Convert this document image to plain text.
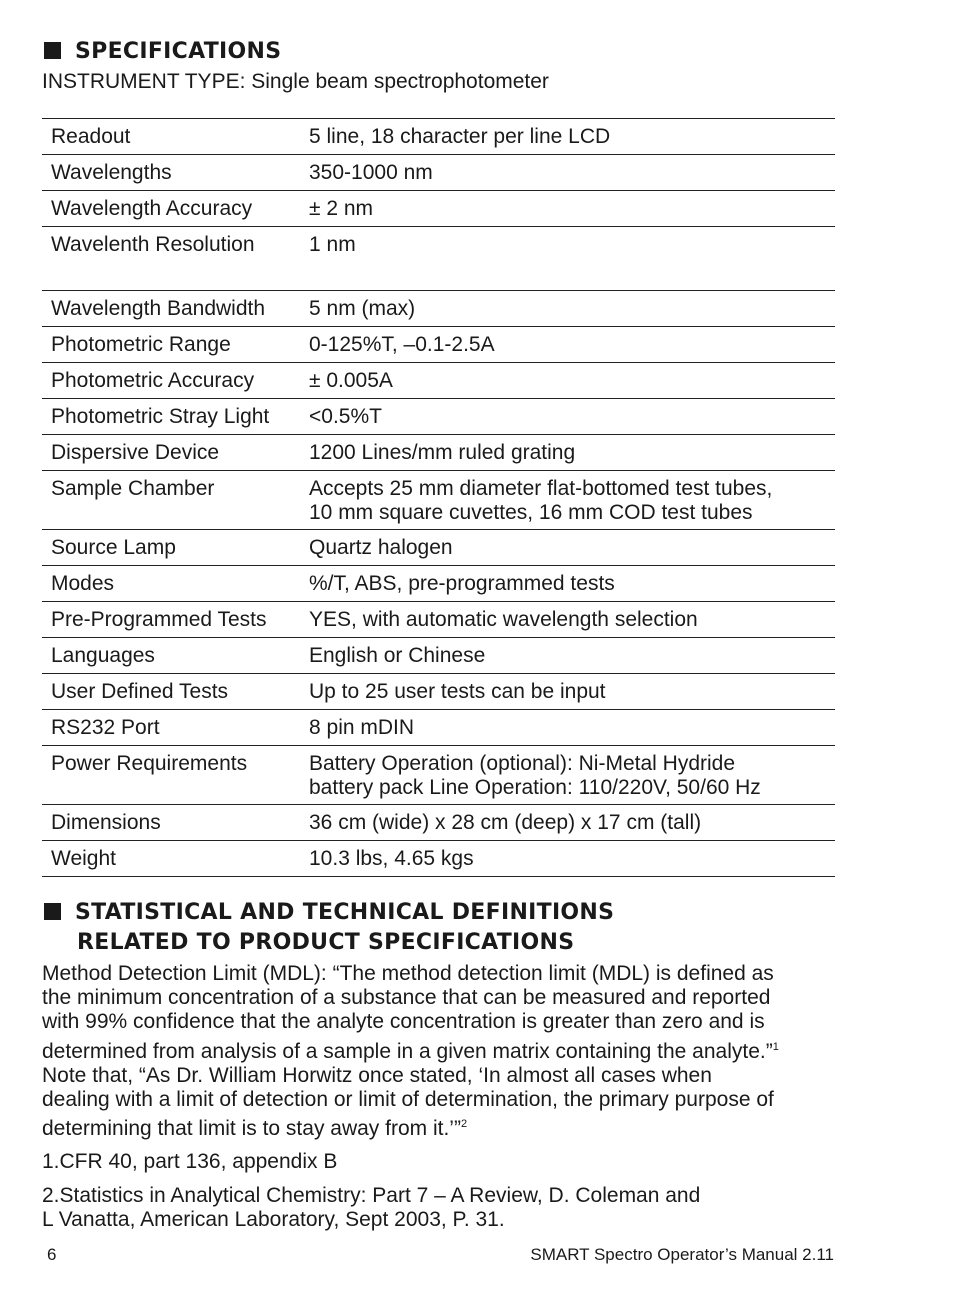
SPECIFICATIONS
INSTRUMENT TYPE: Single beam spectrophotometer
Readout	5 line, 18 character per line LCD

Wavelengths	350-1000 nm

Wavelength Accuracy	± 2 nm

Wavelenth Resolution	1 nm

Wavelength Bandwidth	5 nm (max)

Photometric Range	0-125%T, –0.1-2.5A

Photometric Accuracy	± 0.005A

Photometric Stray Light	<0.5%T

Dispersive Device	1200 Lines/mm ruled grating

Sample Chamber	Accepts 25 mm diameter flat-bottomed test tubes,
10 mm square cuvettes, 16 mm COD test tubes

Source Lamp	Quartz halogen

Modes	%/T, ABS, pre-programmed tests

Pre-Programmed Tests	YES, with automatic wavelength selection

Languages	English or Chinese

User Defined Tests	Up to 25 user tests can be input

RS232 Port	8 pin mDIN

Power Requirements	Battery Operation (optional): Ni-Metal Hydride
battery pack Line Operation: 110/220V, 50/60 Hz

Dimensions	36 cm (wide) x 28 cm (deep) x 17 cm (tall)

Weight	10.3 lbs, 4.65 kgs
STATISTICAL AND TECHNICAL DEFINITIONS
RELATED TO PRODUCT SPECIFICATIONS

Method Detection Limit (MDL): “The method detection limit (MDL) is defined as
the minimum concentration of a substance that can be measured and reported
with 99% confidence that the analyte concentration is greater than zero and is
determined from analysis of a sample in a given matrix containing the analyte.”$^1$
Note that, “As Dr. William Horwitz once stated, ‘In almost all cases when
dealing with a limit of detection or limit of determination, the primary purpose of
determining that limit is to stay away from it.’”$^2$

1.CFR 40, part 136, appendix B

2.Statistics in Analytical Chemistry: Part 7 – A Review, D. Coleman and
L Vanatta, American Laboratory, Sept 2003, P. 31.

6	SMART Spectro Operator’s Manual 2.11
